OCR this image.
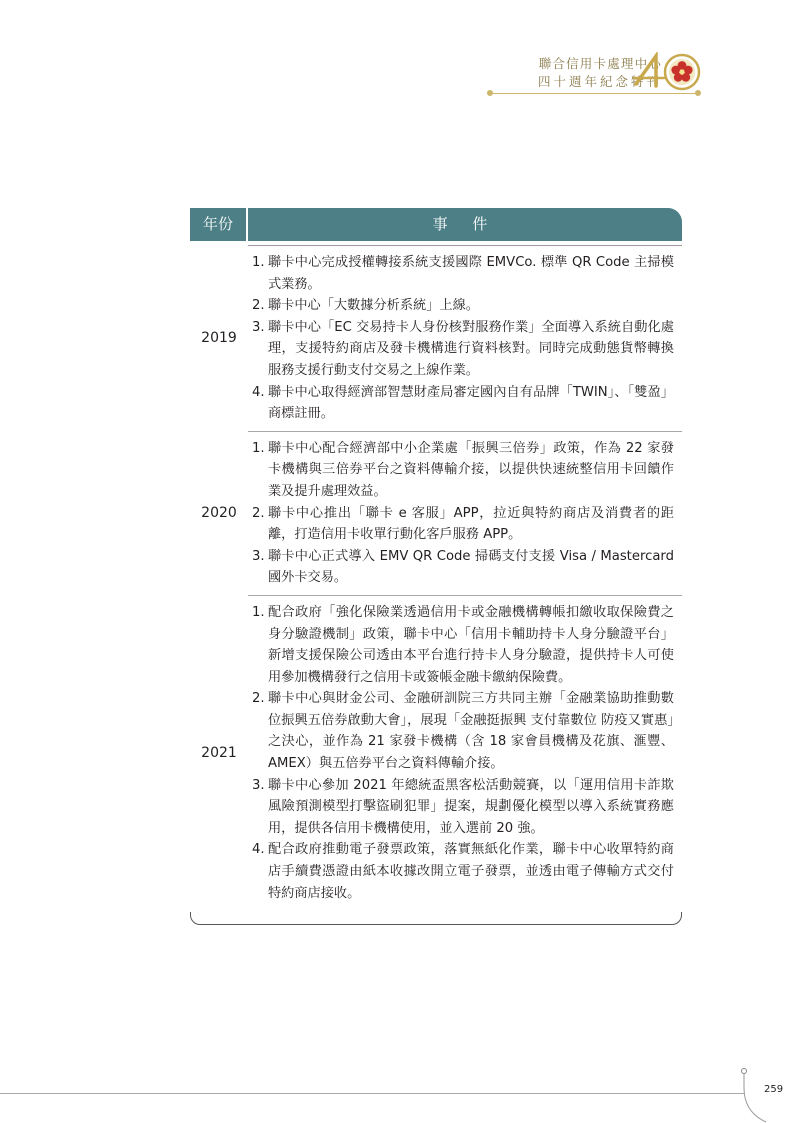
聯合信用卡處理中心
四十週年紀念特刊
年份	事 件
2019
1. 聯卡中心完成授權轉接系統支援國際 EMVCo. 標準 QR Code 主掃模式業務。
2. 聯卡中心「大數據分析系統」上線。
3. 聯卡中心「EC 交易持卡人身份核對服務作業」全面導入系統自動化處理，支援特約商店及發卡機構進行資料核對。同時完成動態貨幣轉換服務支援行動支付交易之上線作業。
4. 聯卡中心取得經濟部智慧財產局審定國內自有品牌「TWIN」、「雙盈」商標註冊。
2020
1. 聯卡中心配合經濟部中小企業處「振興三倍券」政策，作為 22 家發卡機構與三倍券平台之資料傳輸介接，以提供快速統整信用卡回饋作業及提升處理效益。
2. 聯卡中心推出「聯卡 e 客服」APP，拉近與特約商店及消費者的距離，打造信用卡收單行動化客戶服務 APP。
3. 聯卡中心正式導入 EMV QR Code 掃碼支付支援 Visa / Mastercard 國外卡交易。
2021
1. 配合政府「強化保險業透過信用卡或金融機構轉帳扣繳收取保險費之身分驗證機制」政策，聯卡中心「信用卡輔助持卡人身分驗證平台」新增支援保險公司透由本平台進行持卡人身分驗證，提供持卡人可使用參加機構發行之信用卡或簽帳金融卡繳納保險費。
2. 聯卡中心與財金公司、金融研訓院三方共同主辦「金融業協助推動數位振興五倍券啟動大會」，展現「金融挺振興 支付靠數位 防疫又實惠」之決心，並作為 21 家發卡機構（含 18 家會員機構及花旗、滙豐、AMEX）與五倍券平台之資料傳輸介接。
3. 聯卡中心參加 2021 年總統盃黑客松活動競賽，以「運用信用卡詐欺風險預測模型打擊盜刷犯罪」提案，規劃優化模型以導入系統實務應用，提供各信用卡機構使用，並入選前 20 強。
4. 配合政府推動電子發票政策，落實無紙化作業，聯卡中心收單特約商店手續費憑證由紙本收據改開立電子發票，並透由電子傳輸方式交付特約商店接收。
259
